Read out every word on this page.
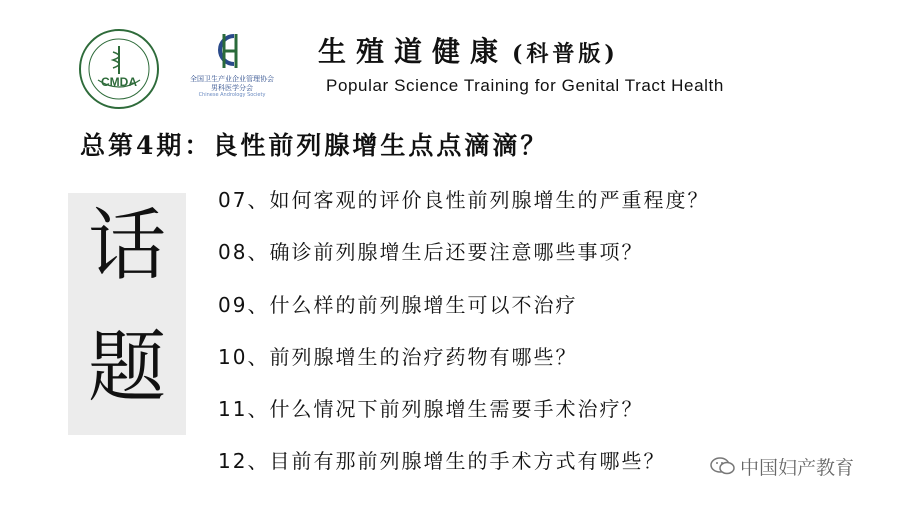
CMDA	全国卫生产业企业管理协会
男科医学分会
Chinese Andrology Society
生殖道健康 (科普版)
Popular Science Training for Genital Tract Health
总第4期：良性前列腺增生点点滴滴？
话
题
07、如何客观的评价良性前列腺增生的严重程度？
08、确诊前列腺增生后还要注意哪些事项？
09、什么样的前列腺增生可以不治疗
10、前列腺增生的治疗药物有哪些？
11、什么情况下前列腺增生需要手术治疗？
12、目前有那前列腺增生的手术方式有哪些？	中国妇产教育
